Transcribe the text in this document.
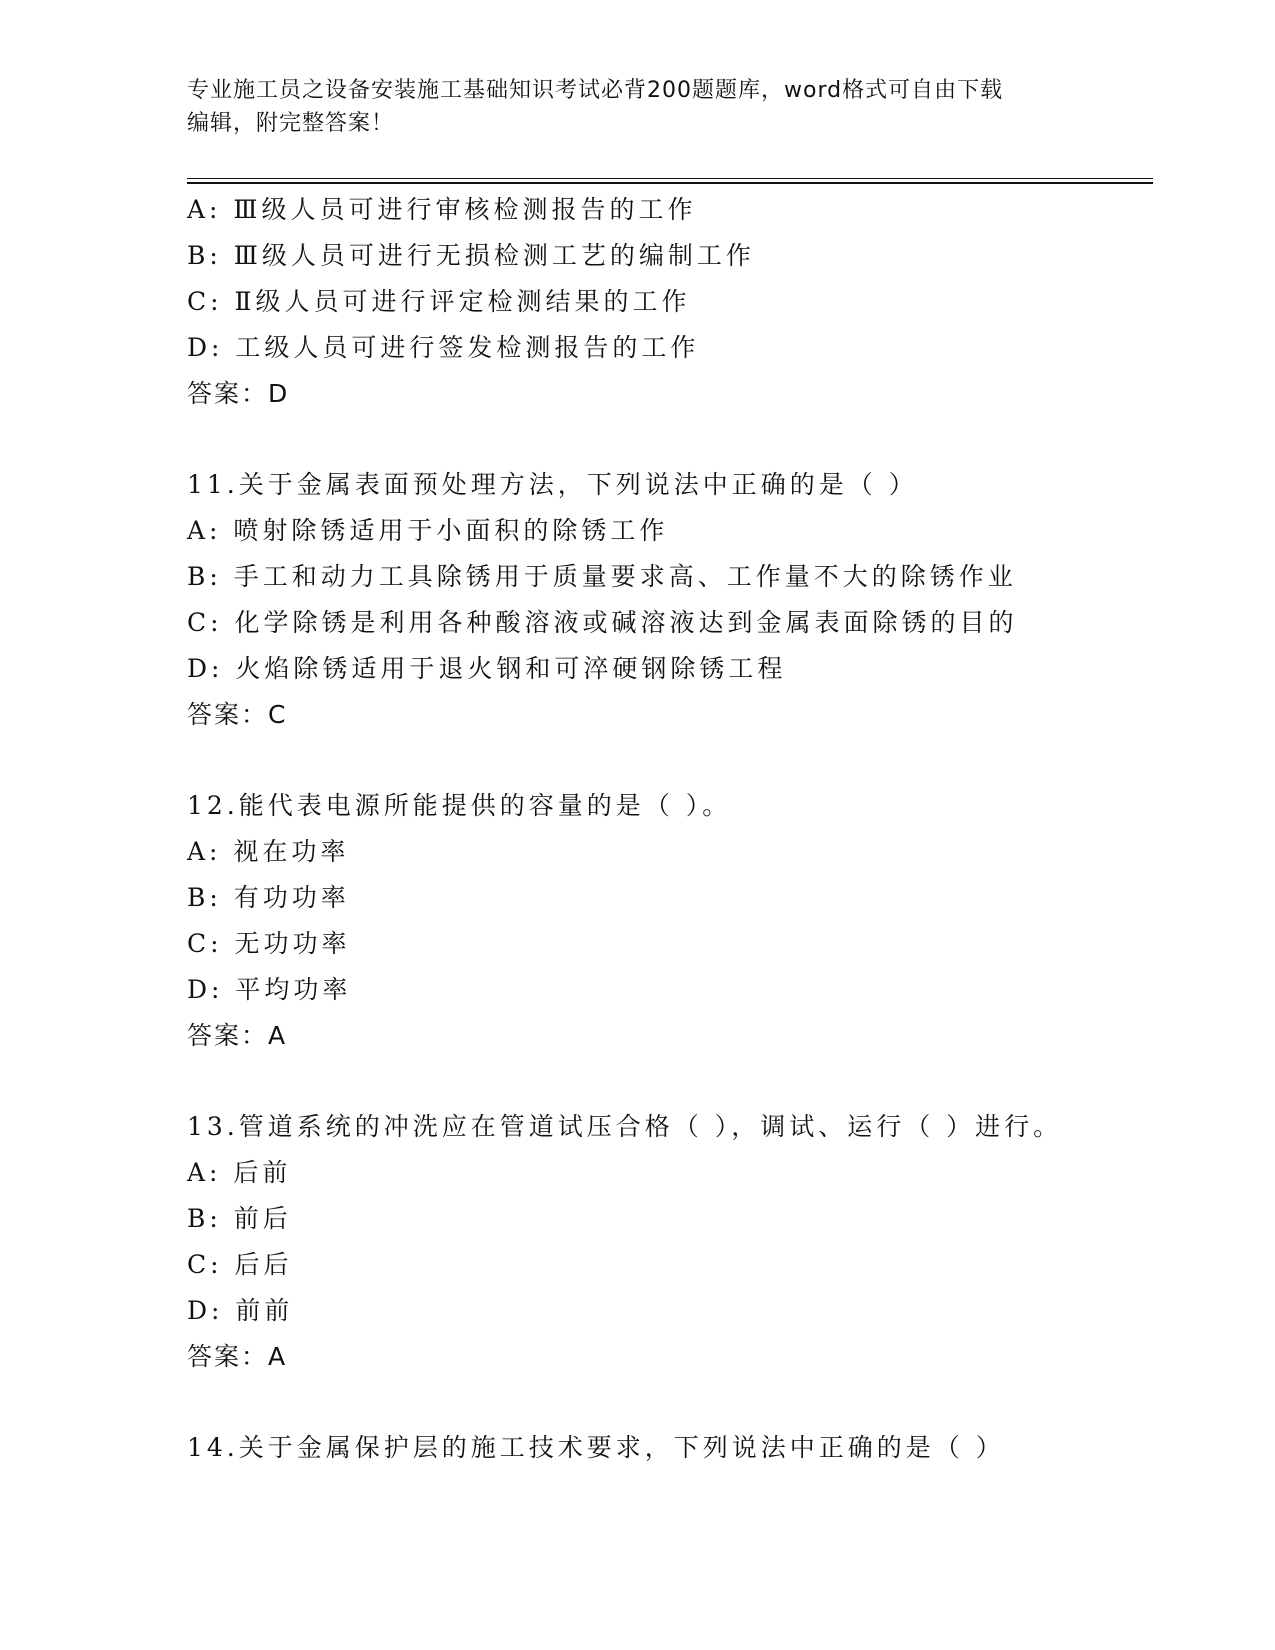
专业施工员之设备安装施工基础知识考试必背200题题库，word格式可自由下载
编辑，附完整答案！
A: Ⅲ级人员可进行审核检测报告的工作
B: Ⅲ级人员可进行无损检测工艺的编制工作
C: Ⅱ级人员可进行评定检测结果的工作
D: 工级人员可进行签发检测报告的工作
答案：D
11.关于金属表面预处理方法，下列说法中正确的是（ ）
A: 喷射除锈适用于小面积的除锈工作
B: 手工和动力工具除锈用于质量要求高、工作量不大的除锈作业
C: 化学除锈是利用各种酸溶液或碱溶液达到金属表面除锈的目的
D: 火焰除锈适用于退火钢和可淬硬钢除锈工程
答案：C
12.能代表电源所能提供的容量的是（ ）。
A: 视在功率
B: 有功功率
C: 无功功率
D: 平均功率
答案：A
13.管道系统的冲洗应在管道试压合格（ ），调试、运行（ ）进行。
A: 后前
B: 前后
C: 后后
D: 前前
答案：A
14.关于金属保护层的施工技术要求，下列说法中正确的是（ ）
